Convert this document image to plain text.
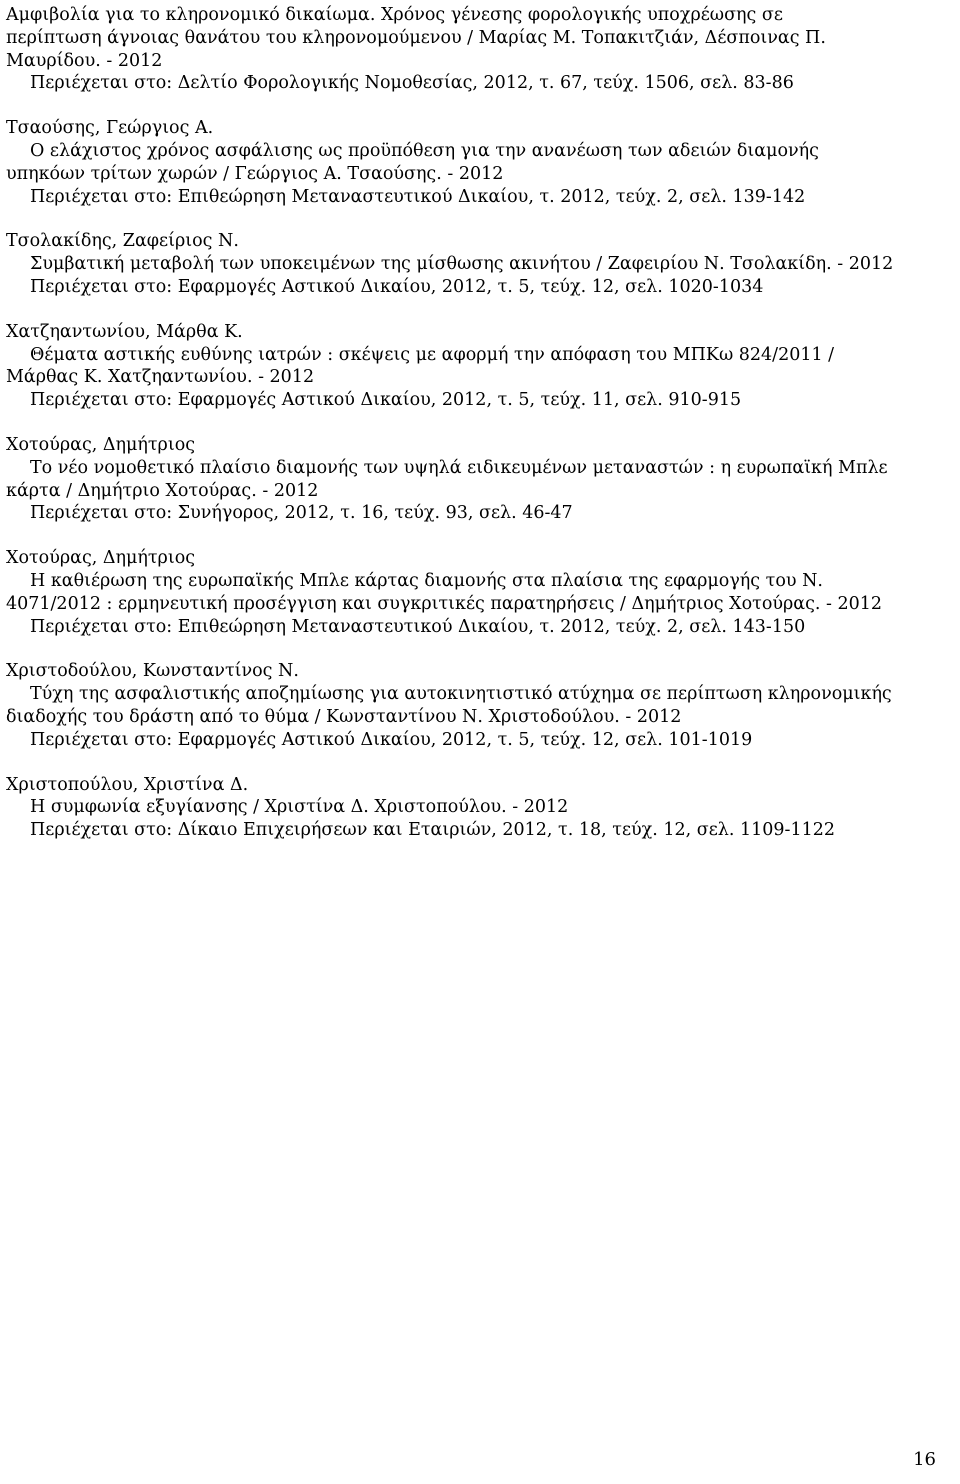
Αμφιβολία για το κληρονομικό δικαίωμα. Χρόνος γένεσης φορολογικής υποχρέωσης σε
περίπτωση άγνοιας θανάτου του κληρονομούμενου / Μαρίας Μ. Τοπακιτζιάν, Δέσποινας Π.
Μαυρίδου. - 2012
Περιέχεται στο: Δελτίο Φορολογικής Νομοθεσίας, 2012, τ. 67, τεύχ. 1506, σελ. 83-86
Τσαούσης, Γεώργιος Α.
Ο ελάχιστος χρόνος ασφάλισης ως προϋπόθεση για την ανανέωση των αδειών διαμονής
υπηκόων τρίτων χωρών / Γεώργιος Α. Τσαούσης. - 2012
Περιέχεται στο: Επιθεώρηση Μεταναστευτικού Δικαίου, τ. 2012, τεύχ. 2, σελ. 139-142
Τσολακίδης, Ζαφείριος Ν.
Συμβατική μεταβολή των υποκειμένων της μίσθωσης ακινήτου / Ζαφειρίου Ν. Τσολακίδη. - 2012
Περιέχεται στο: Εφαρμογές Αστικού Δικαίου, 2012, τ. 5, τεύχ. 12, σελ. 1020-1034
Χατζηαντωνίου, Μάρθα Κ.
Θέματα αστικής ευθύνης ιατρών : σκέψεις με αφορμή την απόφαση του ΜΠΚω 824/2011 /
Μάρθας Κ. Χατζηαντωνίου. - 2012
Περιέχεται στο: Εφαρμογές Αστικού Δικαίου, 2012, τ. 5, τεύχ. 11, σελ. 910-915
Χοτούρας, Δημήτριος
Το νέο νομοθετικό πλαίσιο διαμονής των υψηλά ειδικευμένων μεταναστών : η ευρωπαϊκή Μπλε
κάρτα / Δημήτριο Χοτούρας. - 2012
Περιέχεται στο: Συνήγορος, 2012, τ. 16, τεύχ. 93, σελ. 46-47
Χοτούρας, Δημήτριος
Η καθιέρωση της ευρωπαϊκής Μπλε κάρτας διαμονής στα πλαίσια της εφαρμογής του Ν.
4071/2012 : ερμηνευτική προσέγγιση και συγκριτικές παρατηρήσεις / Δημήτριος Χοτούρας. - 2012
Περιέχεται στο: Επιθεώρηση Μεταναστευτικού Δικαίου, τ. 2012, τεύχ. 2, σελ. 143-150
Χριστοδούλου, Κωνσταντίνος Ν.
Τύχη της ασφαλιστικής αποζημίωσης για αυτοκινητιστικό ατύχημα σε περίπτωση κληρονομικής
διαδοχής του δράστη από το θύμα / Κωνσταντίνου Ν. Χριστοδούλου. - 2012
Περιέχεται στο: Εφαρμογές Αστικού Δικαίου, 2012, τ. 5, τεύχ. 12, σελ. 101-1019
Χριστοπούλου, Χριστίνα Δ.
Η συμφωνία εξυγίανσης / Χριστίνα Δ. Χριστοπούλου. - 2012
Περιέχεται στο: Δίκαιο Επιχειρήσεων και Εταιριών, 2012, τ. 18, τεύχ. 12, σελ. 1109-1122
16
